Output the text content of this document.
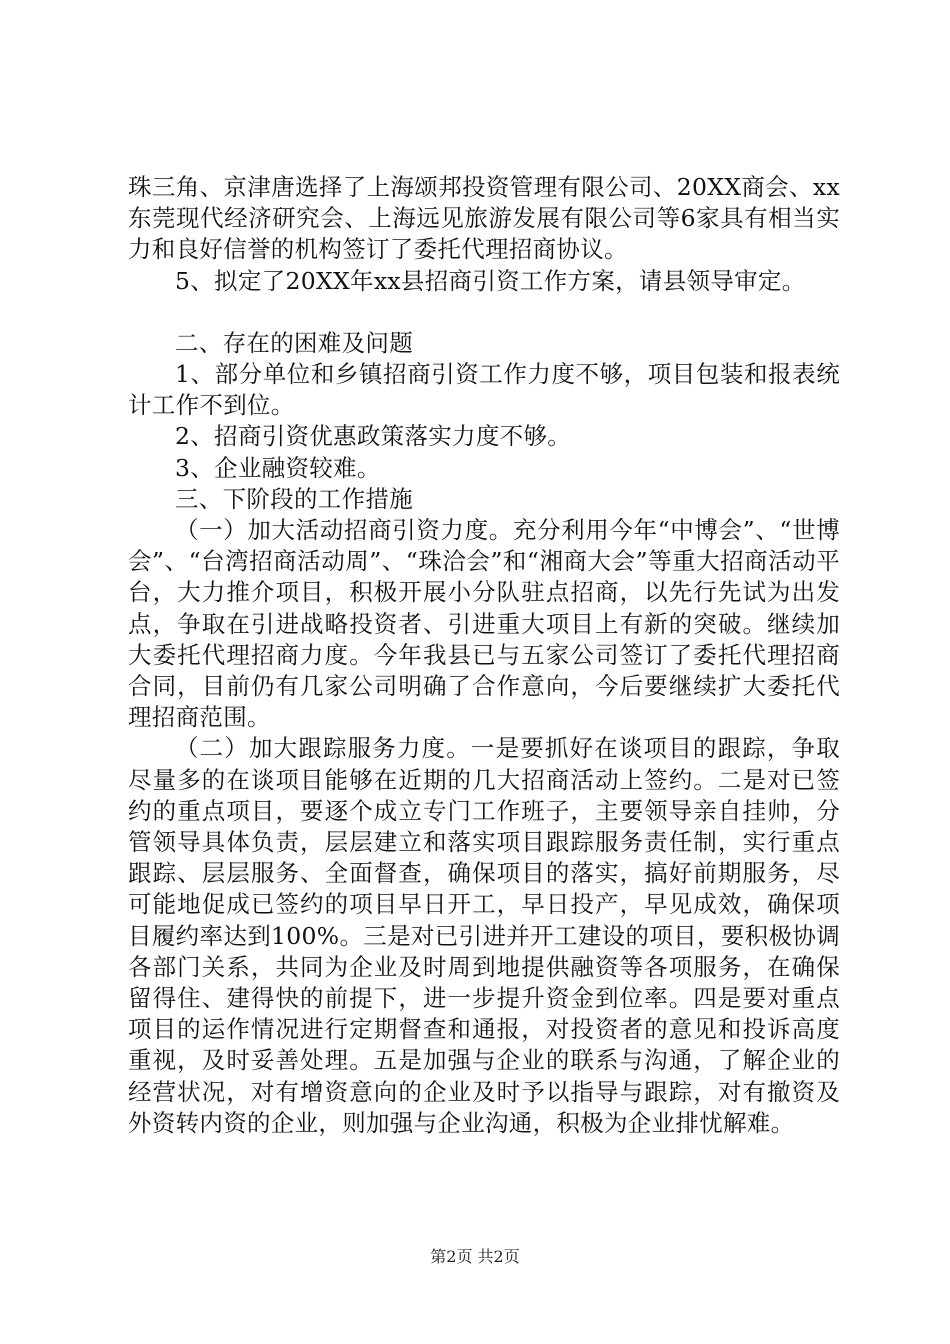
珠三角、京津唐选择了上海颂邦投资管理有限公司、20XX商会、xx东莞现代经济研究会、上海远见旅游发展有限公司等6家具有相当实力和良好信誉的机构签订了委托代理招商协议。

5、拟定了20XX年xx县招商引资工作方案，请县领导审定。

二、存在的困难及问题

1、部分单位和乡镇招商引资工作力度不够，项目包装和报表统计工作不到位。

2、招商引资优惠政策落实力度不够。

3、企业融资较难。

三、下阶段的工作措施

（一）加大活动招商引资力度。充分利用今年“中博会”、“世博会”、“台湾招商活动周”、“珠洽会”和“湘商大会”等重大招商活动平台，大力推介项目，积极开展小分队驻点招商，以先行先试为出发点，争取在引进战略投资者、引进重大项目上有新的突破。继续加大委托代理招商力度。今年我县已与五家公司签订了委托代理招商合同，目前仍有几家公司明确了合作意向，今后要继续扩大委托代理招商范围。

（二）加大跟踪服务力度。一是要抓好在谈项目的跟踪，争取尽量多的在谈项目能够在近期的几大招商活动上签约。二是对已签约的重点项目，要逐个成立专门工作班子，主要领导亲自挂帅，分管领导具体负责，层层建立和落实项目跟踪服务责任制，实行重点跟踪、层层服务、全面督查，确保项目的落实，搞好前期服务，尽可能地促成已签约的项目早日开工，早日投产，早见成效，确保项目履约率达到100%。三是对已引进并开工建设的项目，要积极协调各部门关系，共同为企业及时周到地提供融资等各项服务，在确保留得住、建得快的前提下，进一步提升资金到位率。四是要对重点项目的运作情况进行定期督查和通报，对投资者的意见和投诉高度重视，及时妥善处理。五是加强与企业的联系与沟通，了解企业的经营状况，对有增资意向的企业及时予以指导与跟踪，对有撤资及外资转内资的企业，则加强与企业沟通，积极为企业排忧解难。

第2页 共2页
